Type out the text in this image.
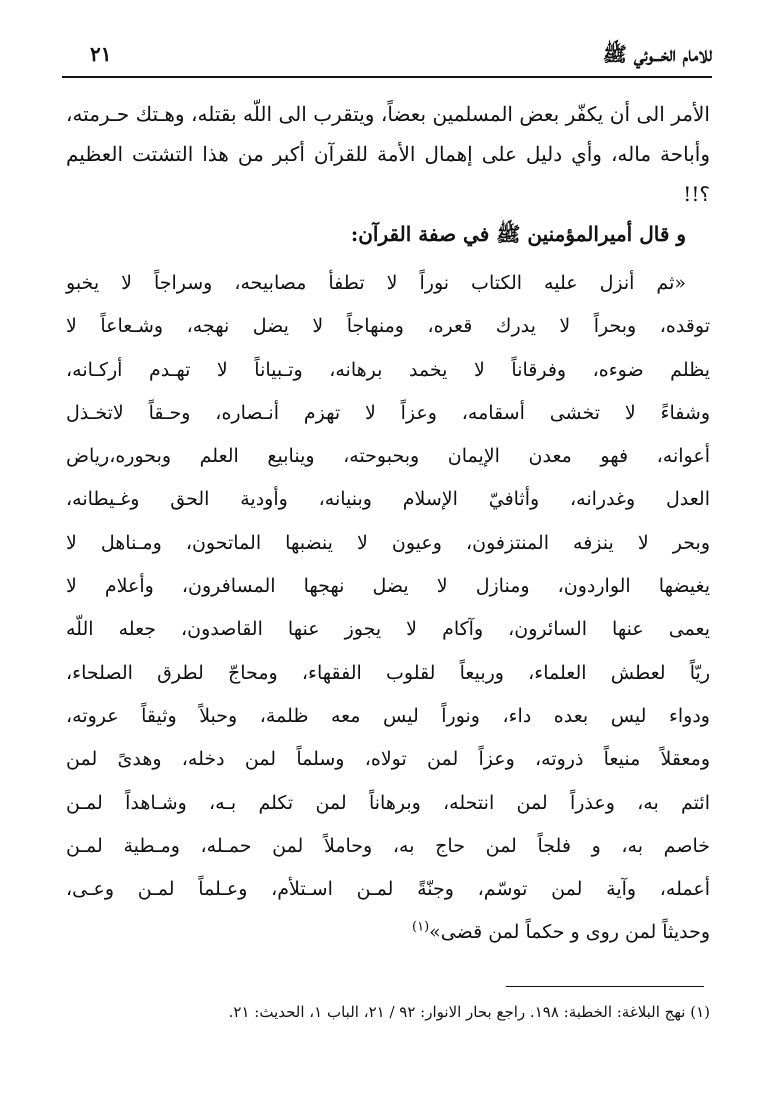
للامام الخـــوئي ﷺ
٢١
الأمر الى أن يكفّر بعض المسلمين بعضاً، ويتقرب الى اللّه بقتله، وهـتك حـرمته،
وأباحة ماله، وأي دليل على إهمال الأمة للقرآن أكبر من هذا التشتت العظيم ؟!!
و قال أميرالمؤمنين ﷺ في صفة القرآن:
«ثم أنزل عليه الكتاب نوراً لا تطفأ مصابيحه، وسراجاً لا يخبو
توقده، وبحراً لا يدرك قعره، ومنهاجاً لا يضل نهجه، وشـعاعاً لا
يظلم ضوءه، وفرقاناً لا يخمد برهانه، وتـبياناً لا تهـدم أركـانه،
وشفاءً لا تخشى أسقامه، وعزاً لا تهزم أنـصاره، وحـقاً لاتخـذل
أعوانه، فهو معدن الإيمان وبحبوحته، وينابيع العلم وبحوره،رياض
العدل وغدرانه، وأثافيّ الإسلام وبنيانه، وأودية الحق وغـيطانه،
وبحر لا ينزفه المنتزفون، وعيون لا ينضبها الماتحون، ومـناهل لا
يغيضها الواردون، ومنازل لا يضل نهجها المسافرون، وأعلام لا
يعمى عنها السائرون، وآكام لا يجوز عنها القاصدون، جعله اللّه
ريّاً لعطش العلماء، وربيعاً لقلوب الفقهاء، ومحاجّ لطرق الصلحاء،
ودواء ليس بعده داء، ونوراً ليس معه ظلمة، وحبلاً وثيقاً عروته،
ومعقلاً منيعاً ذروته، وعزاً لمن تولاه، وسلماً لمن دخله، وهدىً لمن
ائتم به، وعذراً لمن انتحله، وبرهاناً لمن تكلم بـه، وشـاهداً لمـن
خاصم به، و فلجاً لمن حاج به، وحاملاً لمن حمـله، ومـطية لمـن
أعمله، وآية لمن توسّم، وجنّةً لمـن اسـتلأم، وعـلماً لمـن وعـى،
وحديثاً لمن روى و حكماً لمن قضى»$^{(١)}$
(١) نهج البلاغة: الخطبة: ١٩٨. راجع بحار الانوار: ٩٢ / ٢١، الباب ١، الحديث: ٢١.
